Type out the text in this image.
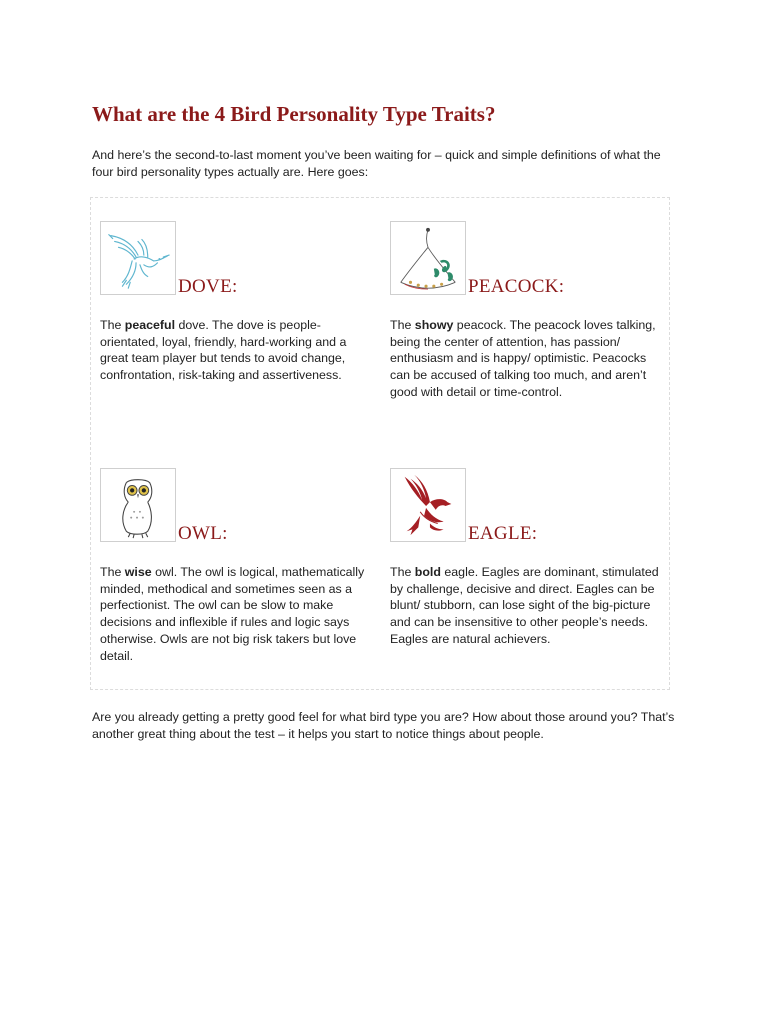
What are the 4 Bird Personality Type Traits?

And here’s the second-to-last moment you’ve been waiting for – quick and simple definitions of what the four bird personality types actually are. Here goes:

DOVE:

The peaceful dove. The dove is people-orientated, loyal, friendly, hard-working and a great team player but tends to avoid change, confrontation, risk-taking and assertiveness.

PEACOCK:

The showy peacock. The peacock loves talking, being the center of attention, has passion/ enthusiasm and is happy/ optimistic. Peacocks can be accused of talking too much, and aren’t good with detail or time-control.

OWL:

The wise owl. The owl is logical, mathematically minded, methodical and sometimes seen as a perfectionist. The owl can be slow to make decisions and inflexible if rules and logic says otherwise. Owls are not big risk takers but love detail.

EAGLE:

The bold eagle. Eagles are dominant, stimulated by challenge, decisive and direct. Eagles can be blunt/ stubborn, can lose sight of the big-picture and can be insensitive to other people’s needs. Eagles are natural achievers.

Are you already getting a pretty good feel for what bird type you are? How about those around you? That’s another great thing about the test – it helps you start to notice things about people.
